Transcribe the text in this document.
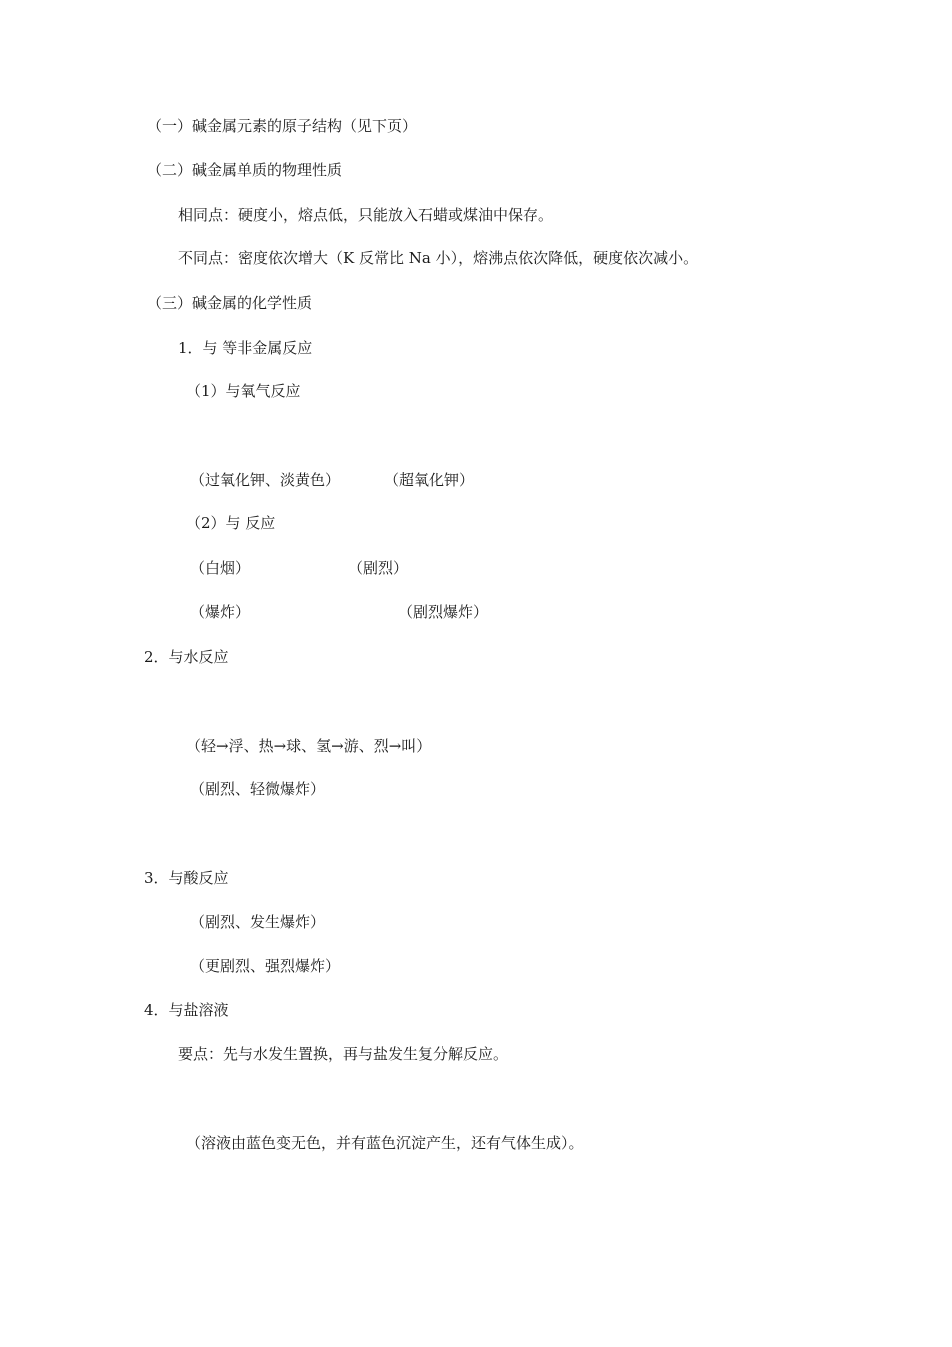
（一）碱金属元素的原子结构（见下页）
（二）碱金属单质的物理性质
相同点：硬度小，熔点低，只能放入石蜡或煤油中保存。
不同点：密度依次增大（K 反常比 Na 小），熔沸点依次降低，硬度依次减小。
（三）碱金属的化学性质
1．与 等非金属反应
（1）与氧气反应
（过氧化钾、淡黄色）	（超氧化钾）
（2）与 反应
（白烟）	（剧烈）
（爆炸）	（剧烈爆炸）
2．与水反应
（轻→浮、热→球、氢→游、烈→叫）
（剧烈、轻微爆炸）
3．与酸反应
（剧烈、发生爆炸）
（更剧烈、强烈爆炸）
4．与盐溶液
要点：先与水发生置换，再与盐发生复分解反应。
（溶液由蓝色变无色，并有蓝色沉淀产生，还有气体生成）。
